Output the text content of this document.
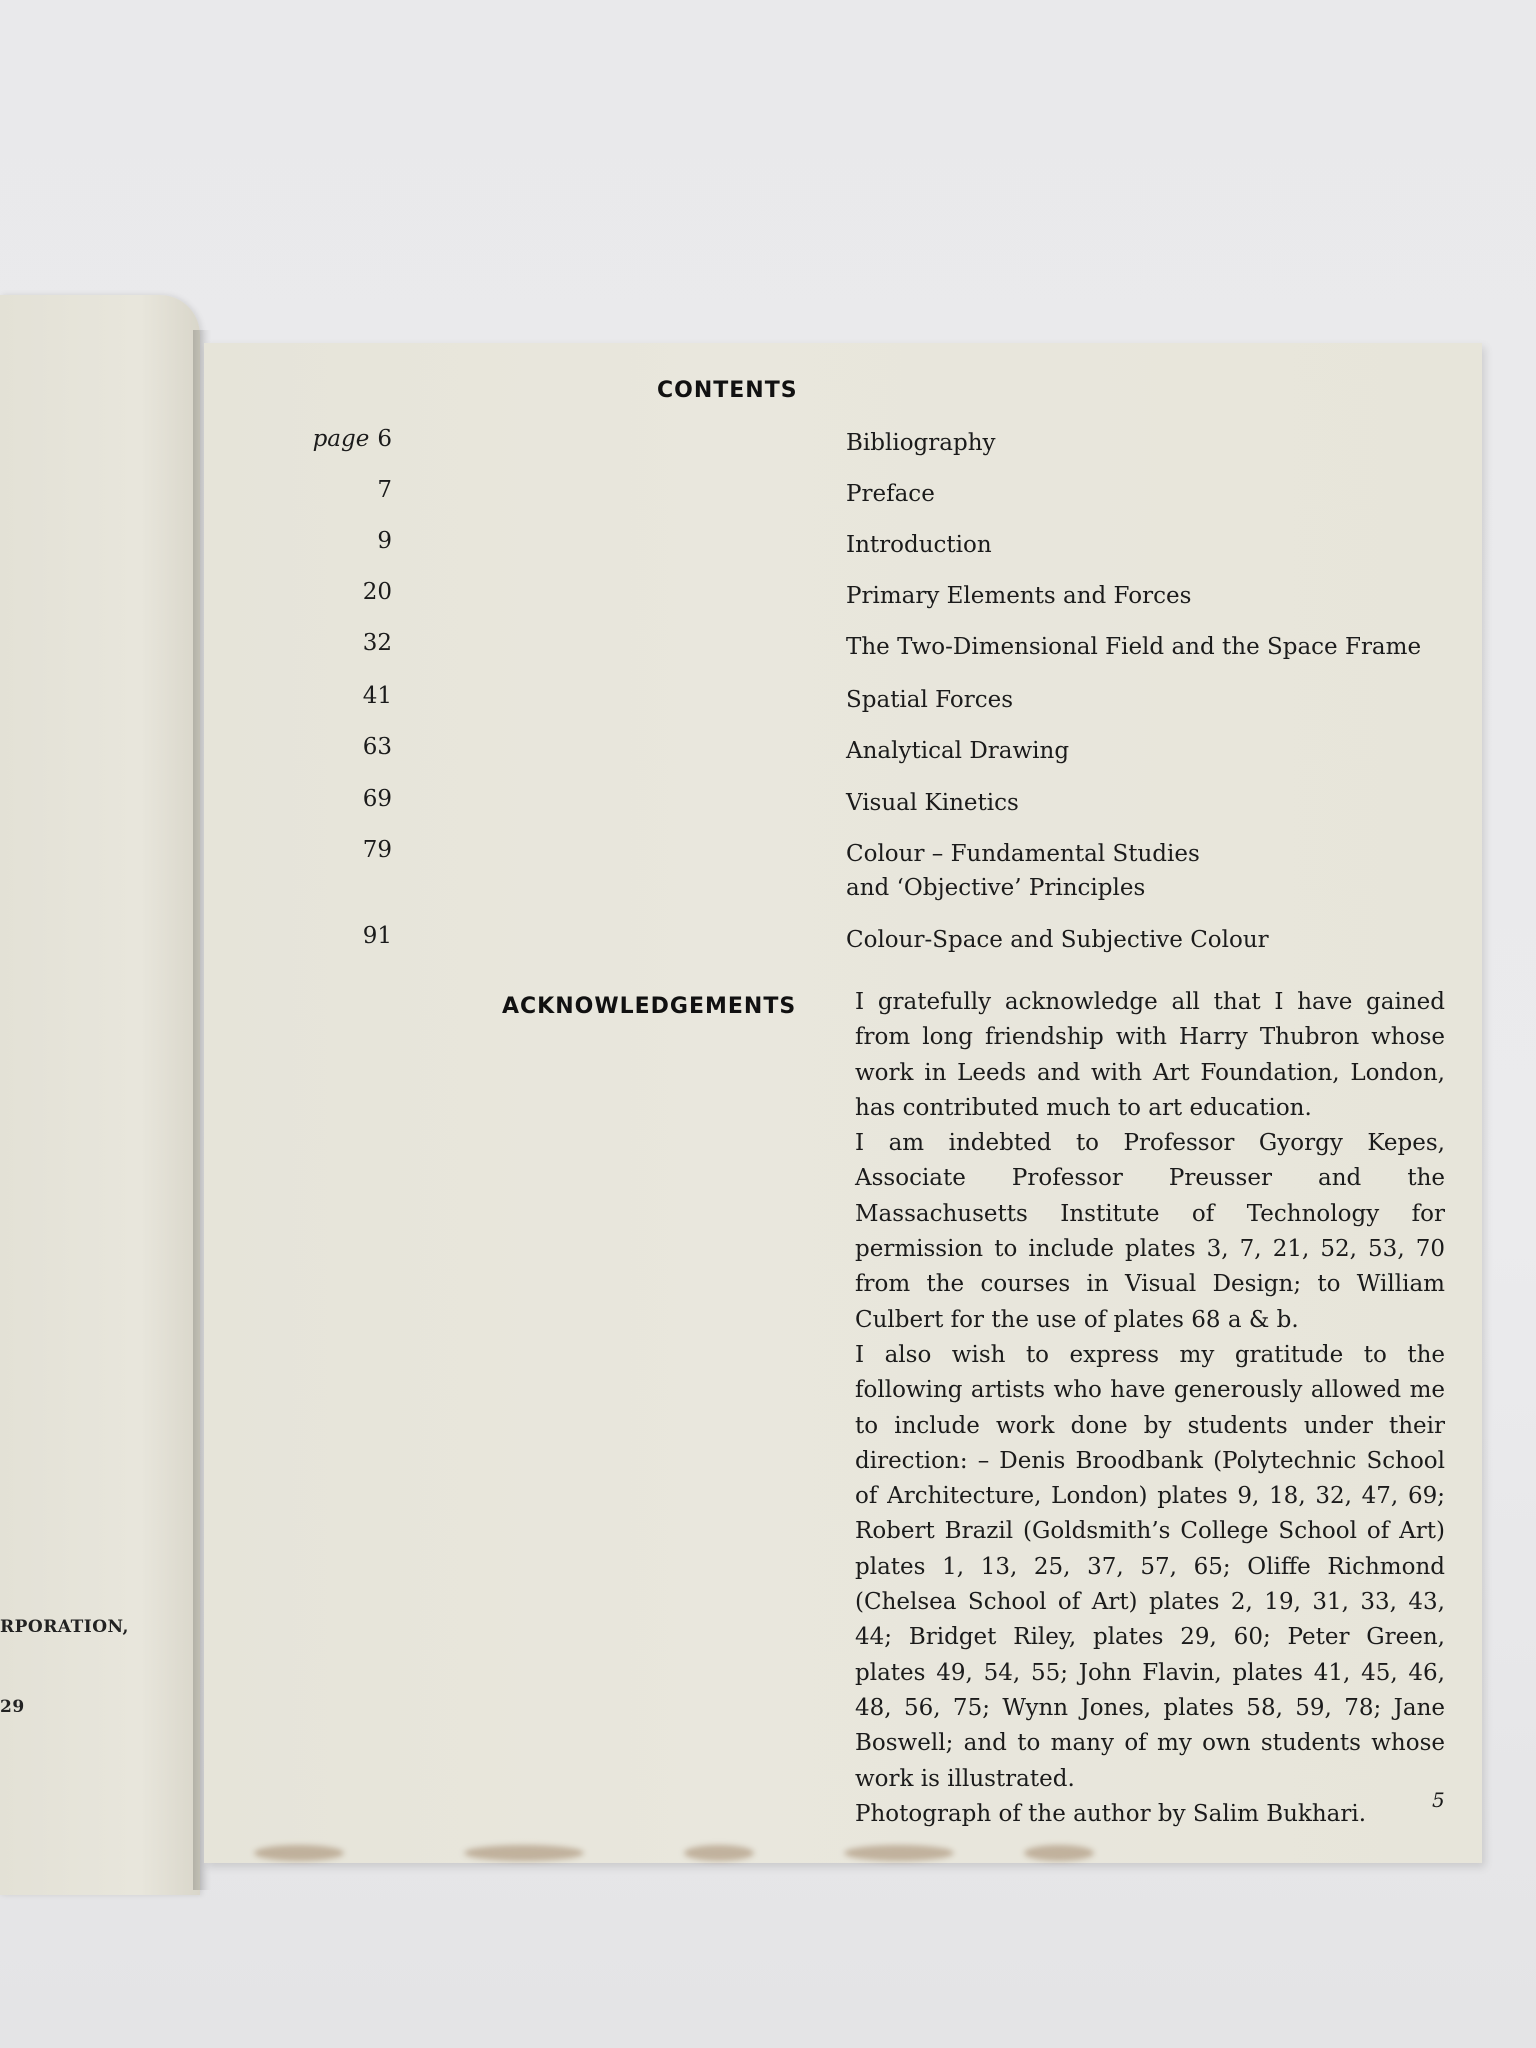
RPORATION,
29
CONTENTS
page 6	Bibliography
7	Preface
9	Introduction
20	Primary Elements and Forces
32	The Two-Dimensional Field and the Space Frame
41	Spatial Forces
63	Analytical Drawing
69	Visual Kinetics
79	Colour – Fundamental Studies and ‘Objective’ Principles
91	Colour-Space and Subjective Colour
ACKNOWLEDGEMENTS	I gratefully acknowledge all that I have gained from long friendship with Harry Thubron whose work in Leeds and with Art Foundation, London, has contributed much to art education.

I am indebted to Professor Gyorgy Kepes, Associate Professor Preusser and the Massachusetts Institute of Technology for permission to include plates 3, 7, 21, 52, 53, 70 from the courses in Visual Design; to William Culbert for the use of plates 68 a & b.

I also wish to express my gratitude to the following artists who have generously allowed me to include work done by students under their direction: – Denis Broodbank (Polytechnic School of Architecture, London) plates 9, 18, 32, 47, 69; Robert Brazil (Goldsmith’s College School of Art) plates 1, 13, 25, 37, 57, 65; Oliffe Richmond (Chelsea School of Art) plates 2, 19, 31, 33, 43, 44; Bridget Riley, plates 29, 60; Peter Green, plates 49, 54, 55; John Flavin, plates 41, 45, 46, 48, 56, 75; Wynn Jones, plates 58, 59, 78; Jane Boswell; and to many of my own students whose work is illustrated.

Photograph of the author by Salim Bukhari.

5
